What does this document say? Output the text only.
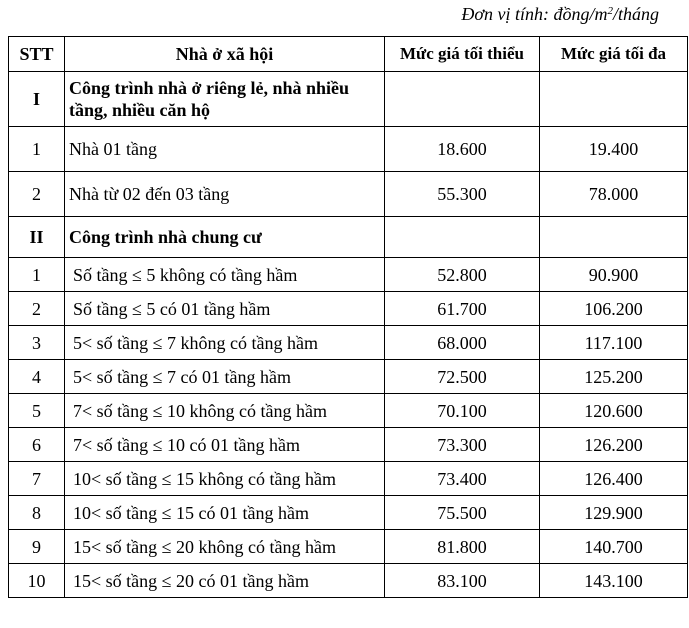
Đơn vị tính: đồng/$m^2$/tháng
STT	Nhà ở xã hội	Mức giá tối thiểu	Mức giá tối đa
I	Công trình nhà ở riêng lẻ, nhà nhiều tầng, nhiều căn hộ		
1	Nhà 01 tầng	18.600	19.400
2	Nhà từ 02 đến 03 tầng	55.300	78.000
II	Công trình nhà chung cư		
1	Số tầng ≤ 5 không có tầng hầm	52.800	90.900
2	Số tầng ≤ 5 có 01 tầng hầm	61.700	106.200
3	5< số tầng ≤ 7 không có tầng hầm	68.000	117.100
4	5< số tầng ≤ 7 có 01 tầng hầm	72.500	125.200
5	7< số tầng ≤ 10 không có tầng hầm	70.100	120.600
6	7< số tầng ≤ 10 có 01 tầng hầm	73.300	126.200
7	10< số tầng ≤ 15 không có tầng hầm	73.400	126.400
8	10< số tầng ≤ 15 có 01 tầng hầm	75.500	129.900
9	15< số tầng ≤ 20 không có tầng hầm	81.800	140.700
10	15< số tầng ≤ 20 có 01 tầng hầm	83.100	143.100
